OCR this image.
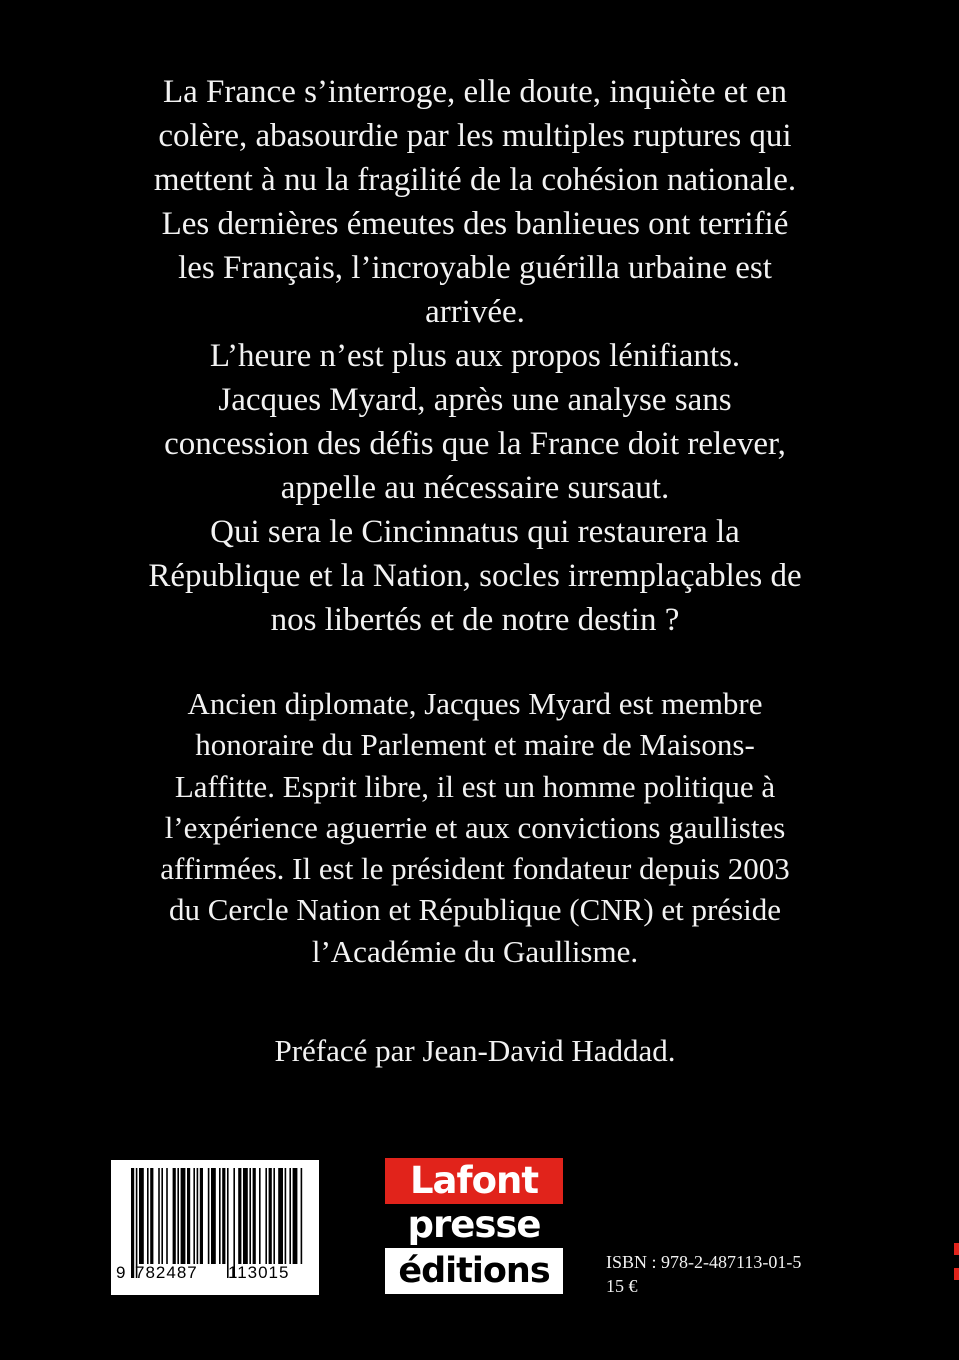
La France s’interroge, elle doute, inquiète et en
colère, abasourdie par les multiples ruptures qui
mettent à nu la fragilité de la cohésion nationale.
Les dernières émeutes des banlieues ont terrifié
les Français, l’incroyable guérilla urbaine est
arrivée.
L’heure n’est plus aux propos lénifiants.
Jacques Myard, après une analyse sans
concession des défis que la France doit relever,
appelle au nécessaire sursaut.
Qui sera le Cincinnatus qui restaurera la
République et la Nation, socles irremplaçables de
nos libertés et de notre destin ?
Ancien diplomate, Jacques Myard est membre
honoraire du Parlement et maire de Maisons-
Laffitte. Esprit libre, il est un homme politique à
l’expérience aguerrie et aux convictions gaullistes
affirmées. Il est le président fondateur depuis 2003
du Cercle Nation et République (CNR) et préside
l’Académie du Gaullisme.
Préfacé par Jean-David Haddad.
9 782487 113015
Lafont
presse
éditions	ISBN : 978-2-487113-01-5
15 €
